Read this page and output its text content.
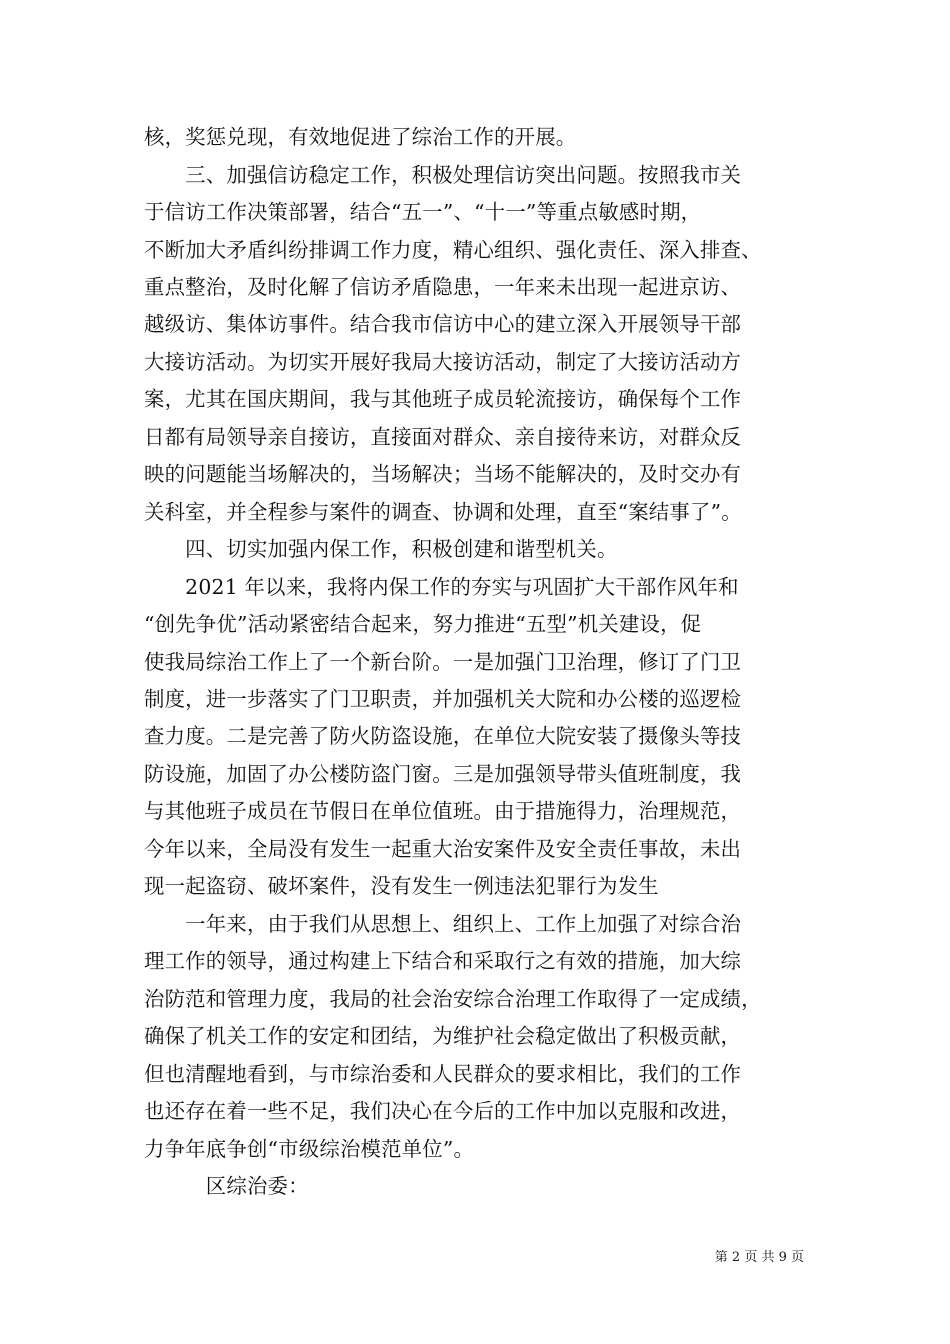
核，奖惩兑现，有效地促进了综治工作的开展。
　　三、加强信访稳定工作，积极处理信访突出问题。按照我市关
于信访工作决策部署，结合“五一”、“十一”等重点敏感时期，
不断加大矛盾纠纷排调工作力度，精心组织、强化责任、深入排查、
重点整治，及时化解了信访矛盾隐患，一年来未出现一起进京访、
越级访、集体访事件。结合我市信访中心的建立深入开展领导干部
大接访活动。为切实开展好我局大接访活动，制定了大接访活动方
案，尤其在国庆期间，我与其他班子成员轮流接访，确保每个工作
日都有局领导亲自接访，直接面对群众、亲自接待来访，对群众反
映的问题能当场解决的，当场解决；当场不能解决的，及时交办有
关科室，并全程参与案件的调查、协调和处理，直至“案结事了”。
　　四、切实加强内保工作，积极创建和谐型机关。
　　2021 年以来，我将内保工作的夯实与巩固扩大干部作风年和
“创先争优”活动紧密结合起来，努力推进“五型”机关建设，促
使我局综治工作上了一个新台阶。一是加强门卫治理，修订了门卫
制度，进一步落实了门卫职责，并加强机关大院和办公楼的巡逻检
查力度。二是完善了防火防盗设施，在单位大院安装了摄像头等技
防设施，加固了办公楼防盗门窗。三是加强领导带头值班制度，我
与其他班子成员在节假日在单位值班。由于措施得力，治理规范，
今年以来，全局没有发生一起重大治安案件及安全责任事故，未出
现一起盗窃、破坏案件，没有发生一例违法犯罪行为发生
　　一年来，由于我们从思想上、组织上、工作上加强了对综合治
理工作的领导，通过构建上下结合和采取行之有效的措施，加大综
治防范和管理力度，我局的社会治安综合治理工作取得了一定成绩，
确保了机关工作的安定和团结，为维护社会稳定做出了积极贡献，
但也清醒地看到，与市综治委和人民群众的要求相比，我们的工作
也还存在着一些不足，我们决心在今后的工作中加以克服和改进，
力争年底争创“市级综治模范单位”。
　　　区综治委：
第 2 页 共 9 页
